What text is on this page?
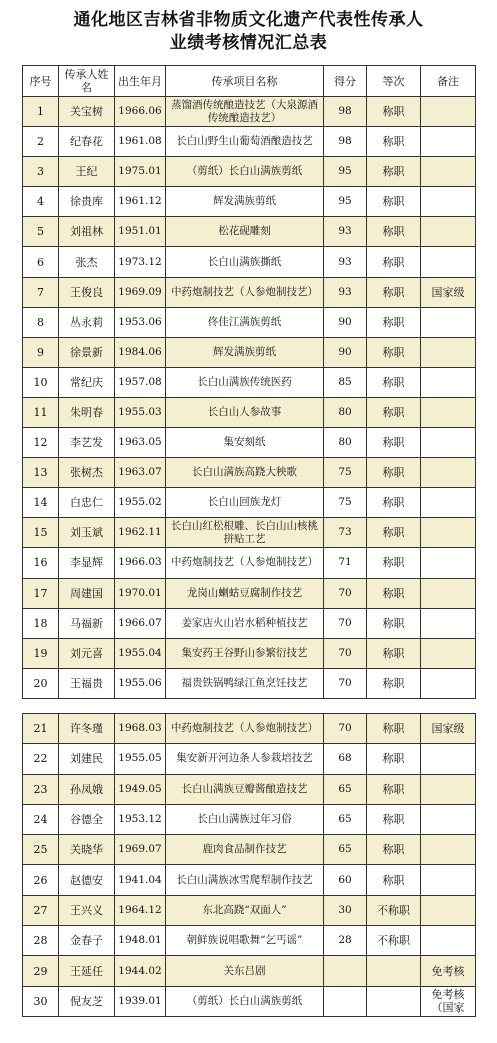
通化地区吉林省非物质文化遗产代表性传承人
业绩考核情况汇总表
序号	传承人姓名	出生年月	传承项目名称	得分	等次	备注
1	关宝树	1966.06	蒸馏酒传统酿造技艺（大泉源酒传统酿造技艺）	98	称职	
2	纪春花	1961.08	长白山野生山葡萄酒酿造技艺	98	称职	
3	王纪	1975.01	（剪纸）长白山满族剪纸	95	称职	
4	徐贵库	1961.12	辉发满族剪纸	95	称职	
5	刘祖林	1951.01	松花砚雕刻	93	称职	
6	张杰	1973.12	长白山满族撕纸	93	称职	
7	王俊良	1969.09	中药炮制技艺（人参炮制技艺）	93	称职	国家级
8	丛永莉	1953.06	佟佳江满族剪纸	90	称职	
9	徐景新	1984.06	辉发满族剪纸	90	称职	
10	常纪庆	1957.08	长白山满族传统医药	85	称职	
11	朱明春	1955.03	长白山人参故事	80	称职	
12	李艺发	1963.05	集安刻纸	80	称职	
13	张树杰	1963.07	长白山满族高跷大秧歌	75	称职	
14	白忠仁	1955.02	长白山回族龙灯	75	称职	
15	刘玉斌	1962.11	长白山红松根雕、长白山山核桃拼贴工艺	73	称职	
16	李显辉	1966.03	中药炮制技艺（人参炮制技艺）	71	称职	
17	周建国	1970.01	龙岗山蝲蛄豆腐制作技艺	70	称职	
18	马福新	1966.07	姜家店火山岩水稻种植技艺	70	称职	
19	刘元喜	1955.04	集安药王谷野山参繁衍技艺	70	称职	
20	王福贵	1955.06	福贵铁锅鸭绿江鱼烹饪技艺	70	称职	
21	许冬瑾	1968.03	中药炮制技艺（人参炮制技艺）	70	称职	国家级
22	刘建民	1955.05	集安新开河边条人参栽培技艺	68	称职	
23	孙凤娥	1949.05	长白山满族豆瓣酱酿造技艺	65	称职	
24	谷德全	1953.12	长白山满族过年习俗	65	称职	
25	关晓华	1969.07	鹿肉食品制作技艺	65	称职	
26	赵德安	1941.04	长白山满族冰雪爬犁制作技艺	60	称职	
27	王兴义	1964.12	东北高跷“双面人”	30	不称职	
28	金春子	1948.01	朝鲜族说唱歌舞“乞丐谣”	28	不称职	
29	王延任	1944.02	关东吕剧			免考核
30	倪友芝	1939.01	（剪纸）长白山满族剪纸			免考核（国家
